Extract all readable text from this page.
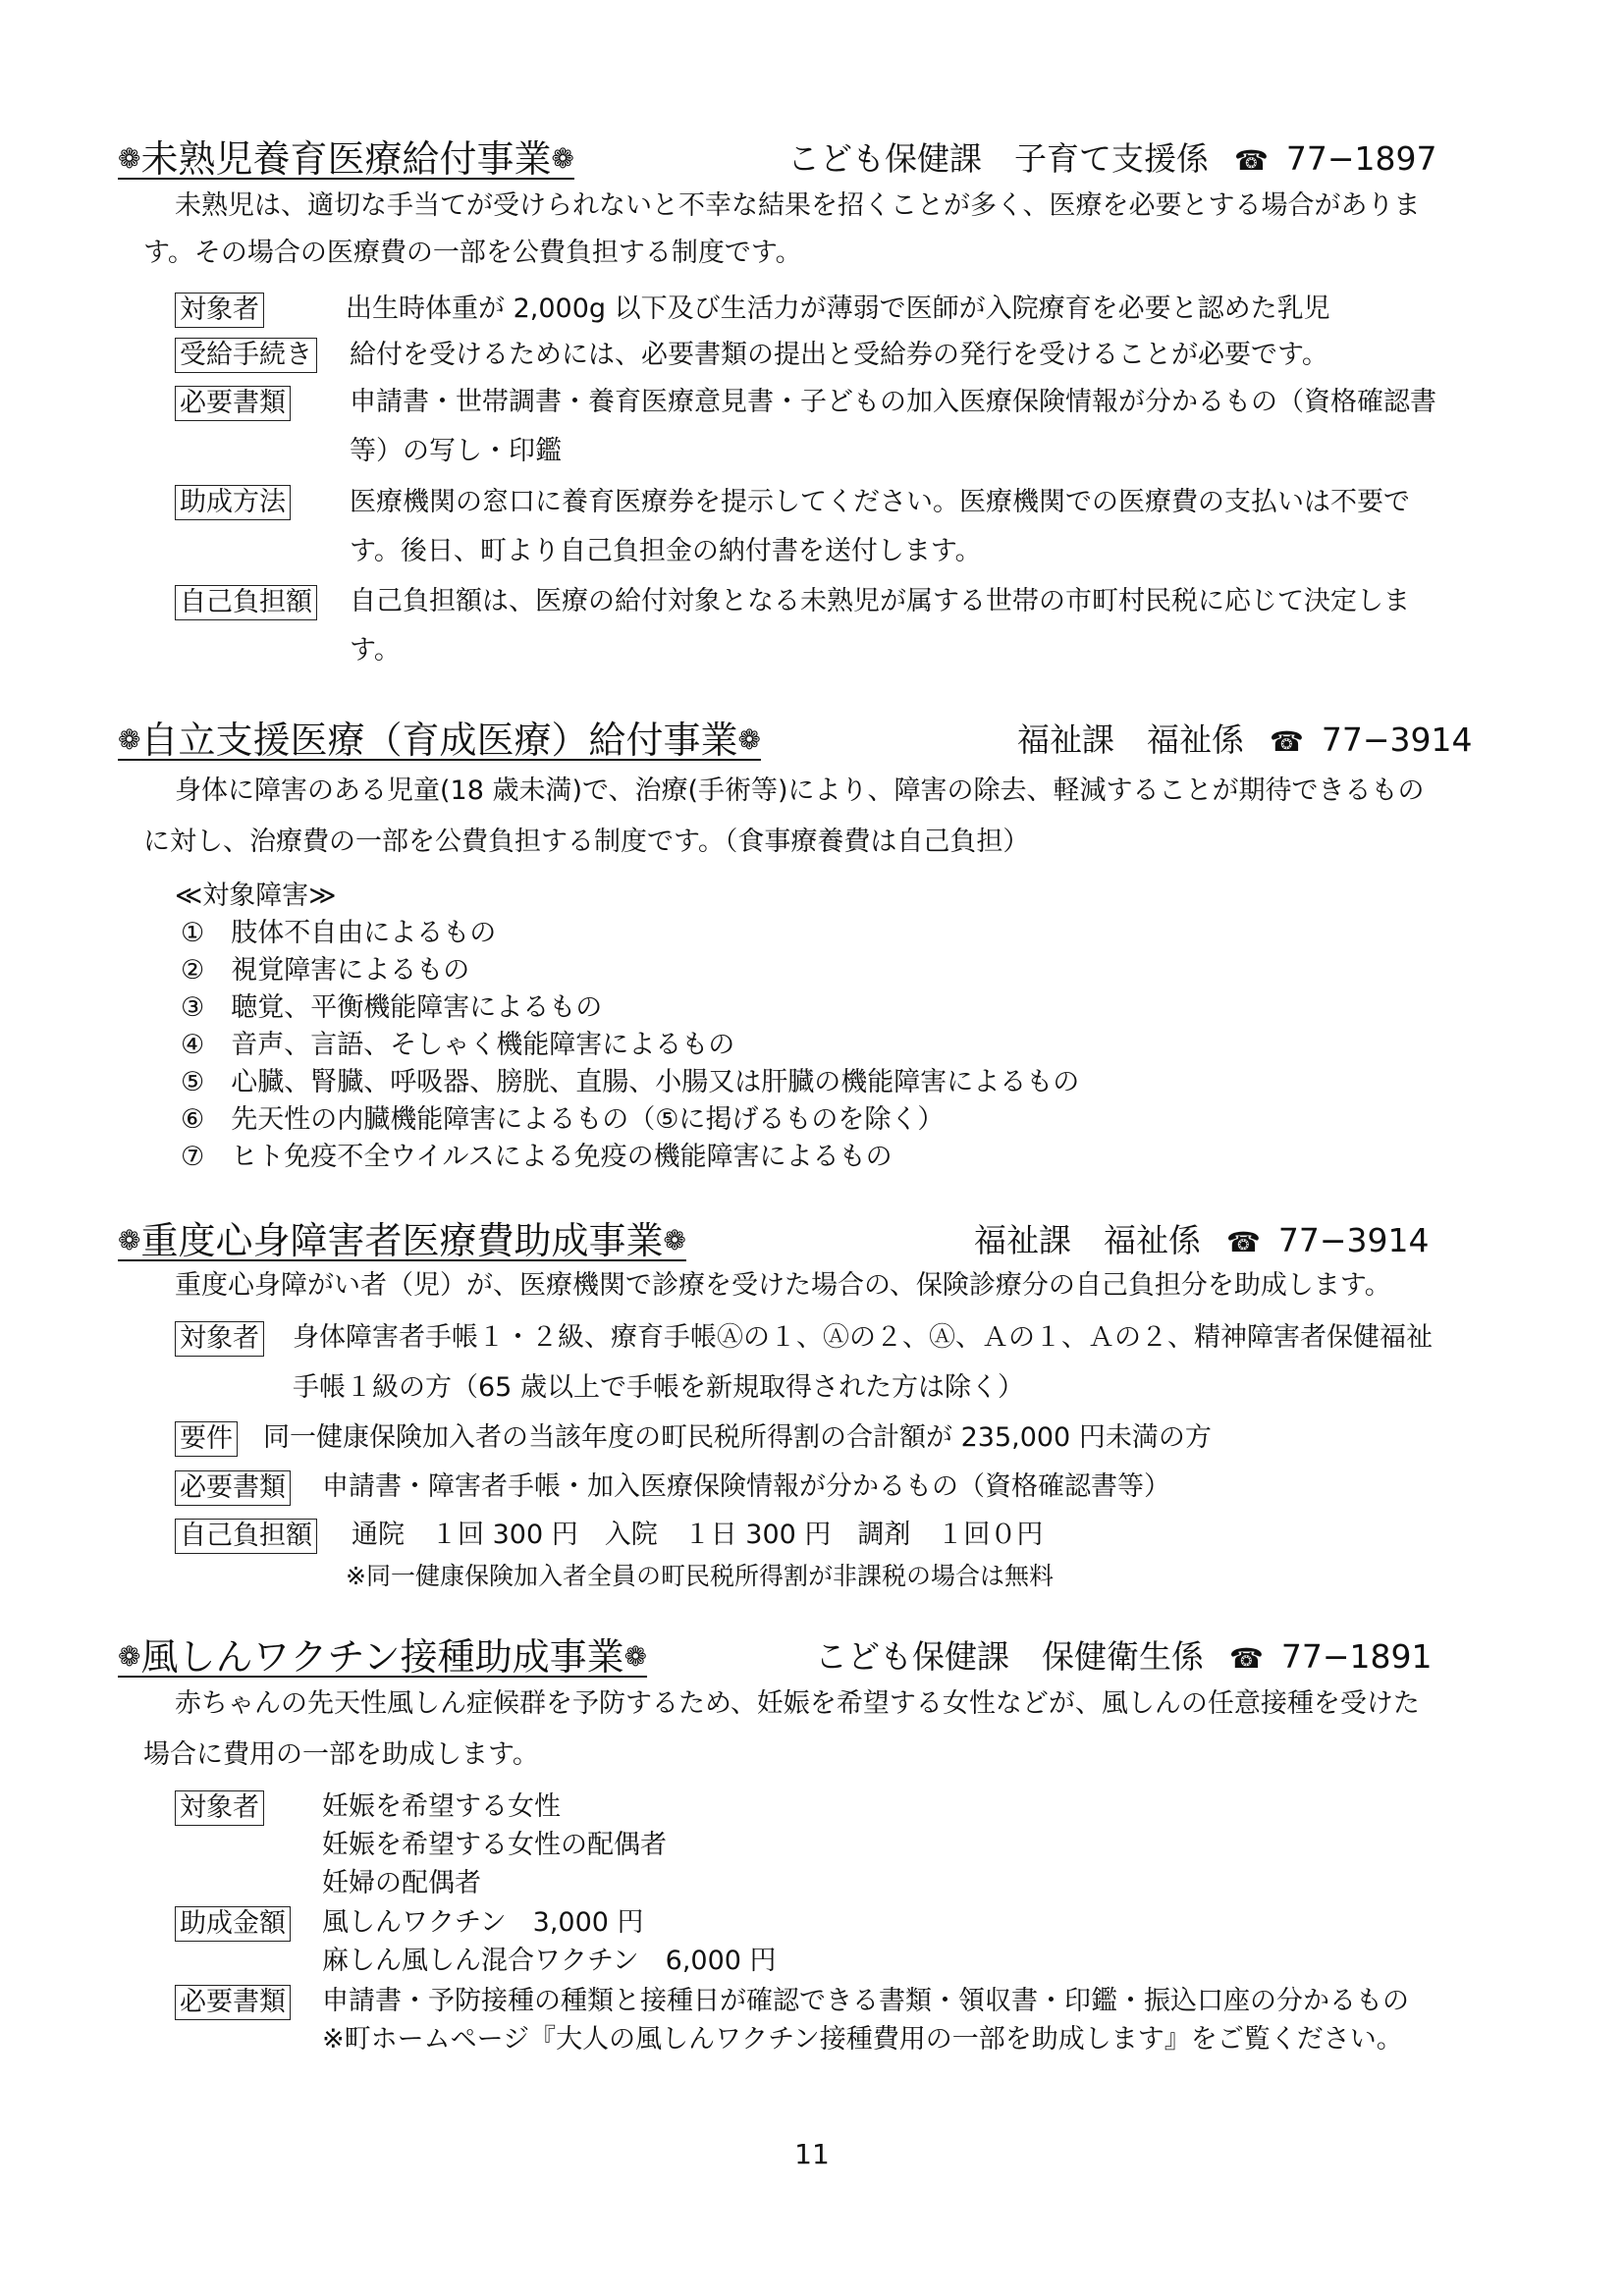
❁未熟児養育医療給付事業❁	こども保健課　子育て支援係 ☎ 77−1897
未熟児は、適切な手当てが受けられないと不幸な結果を招くことが多く、医療を必要とする場合がありま
す。その場合の医療費の一部を公費負担する制度です。
対象者	出生時体重が 2,000g 以下及び生活力が薄弱で医師が入院療育を必要と認めた乳児
受給手続き 給付を受けるためには、必要書類の提出と受給券の発行を受けることが必要です。
必要書類 申請書・世帯調書・養育医療意見書・子どもの加入医療保険情報が分かるもの（資格確認書
等）の写し・印鑑
助成方法 医療機関の窓口に養育医療券を提示してください。医療機関での医療費の支払いは不要で
す。後日、町より自己負担金の納付書を送付します。
自己負担額 自己負担額は、医療の給付対象となる未熟児が属する世帯の市町村民税に応じて決定しま
す。
❁自立支援医療（育成医療）給付事業❁	福祉課　福祉係 ☎ 77−3914
身体に障害のある児童(18 歳未満)で、治療(手術等)により、障害の除去、軽減することが期待できるもの
に対し、治療費の一部を公費負担する制度です。（食事療養費は自己負担）
≪対象障害≫
①　肢体不自由によるもの
②　視覚障害によるもの
③　聴覚、平衡機能障害によるもの
④　音声、言語、そしゃく機能障害によるもの
⑤　心臓、腎臓、呼吸器、膀胱、直腸、小腸又は肝臓の機能障害によるもの
⑥　先天性の内臓機能障害によるもの（⑤に掲げるものを除く）
⑦　ヒト免疫不全ウイルスによる免疫の機能障害によるもの
❁重度心身障害者医療費助成事業❁	福祉課　福祉係 ☎ 77−3914
重度心身障がい者（児）が、医療機関で診療を受けた場合の、保険診療分の自己負担分を助成します。
対象者 身体障害者手帳１・２級、療育手帳Ⓐの１、Ⓐの２、Ⓐ、Ａの１、Ａの２、精神障害者保健福祉
手帳１級の方（65 歳以上で手帳を新規取得された方は除く）
要件 同一健康保険加入者の当該年度の町民税所得割の合計額が 235,000 円未満の方
必要書類 申請書・障害者手帳・加入医療保険情報が分かるもの（資格確認書等）
自己負担額 通院　１回 300 円　入院　１日 300 円　調剤　１回０円
※同一健康保険加入者全員の町民税所得割が非課税の場合は無料
❁風しんワクチン接種助成事業❁	こども保健課　保健衛生係 ☎ 77−1891
赤ちゃんの先天性風しん症候群を予防するため、妊娠を希望する女性などが、風しんの任意接種を受けた
場合に費用の一部を助成します。
対象者 妊娠を希望する女性
妊娠を希望する女性の配偶者
妊婦の配偶者
助成金額 風しんワクチン　3,000 円
麻しん風しん混合ワクチン　6,000 円
必要書類 申請書・予防接種の種類と接種日が確認できる書類・領収書・印鑑・振込口座の分かるもの
※町ホームページ『大人の風しんワクチン接種費用の一部を助成します』をご覧ください。
11
